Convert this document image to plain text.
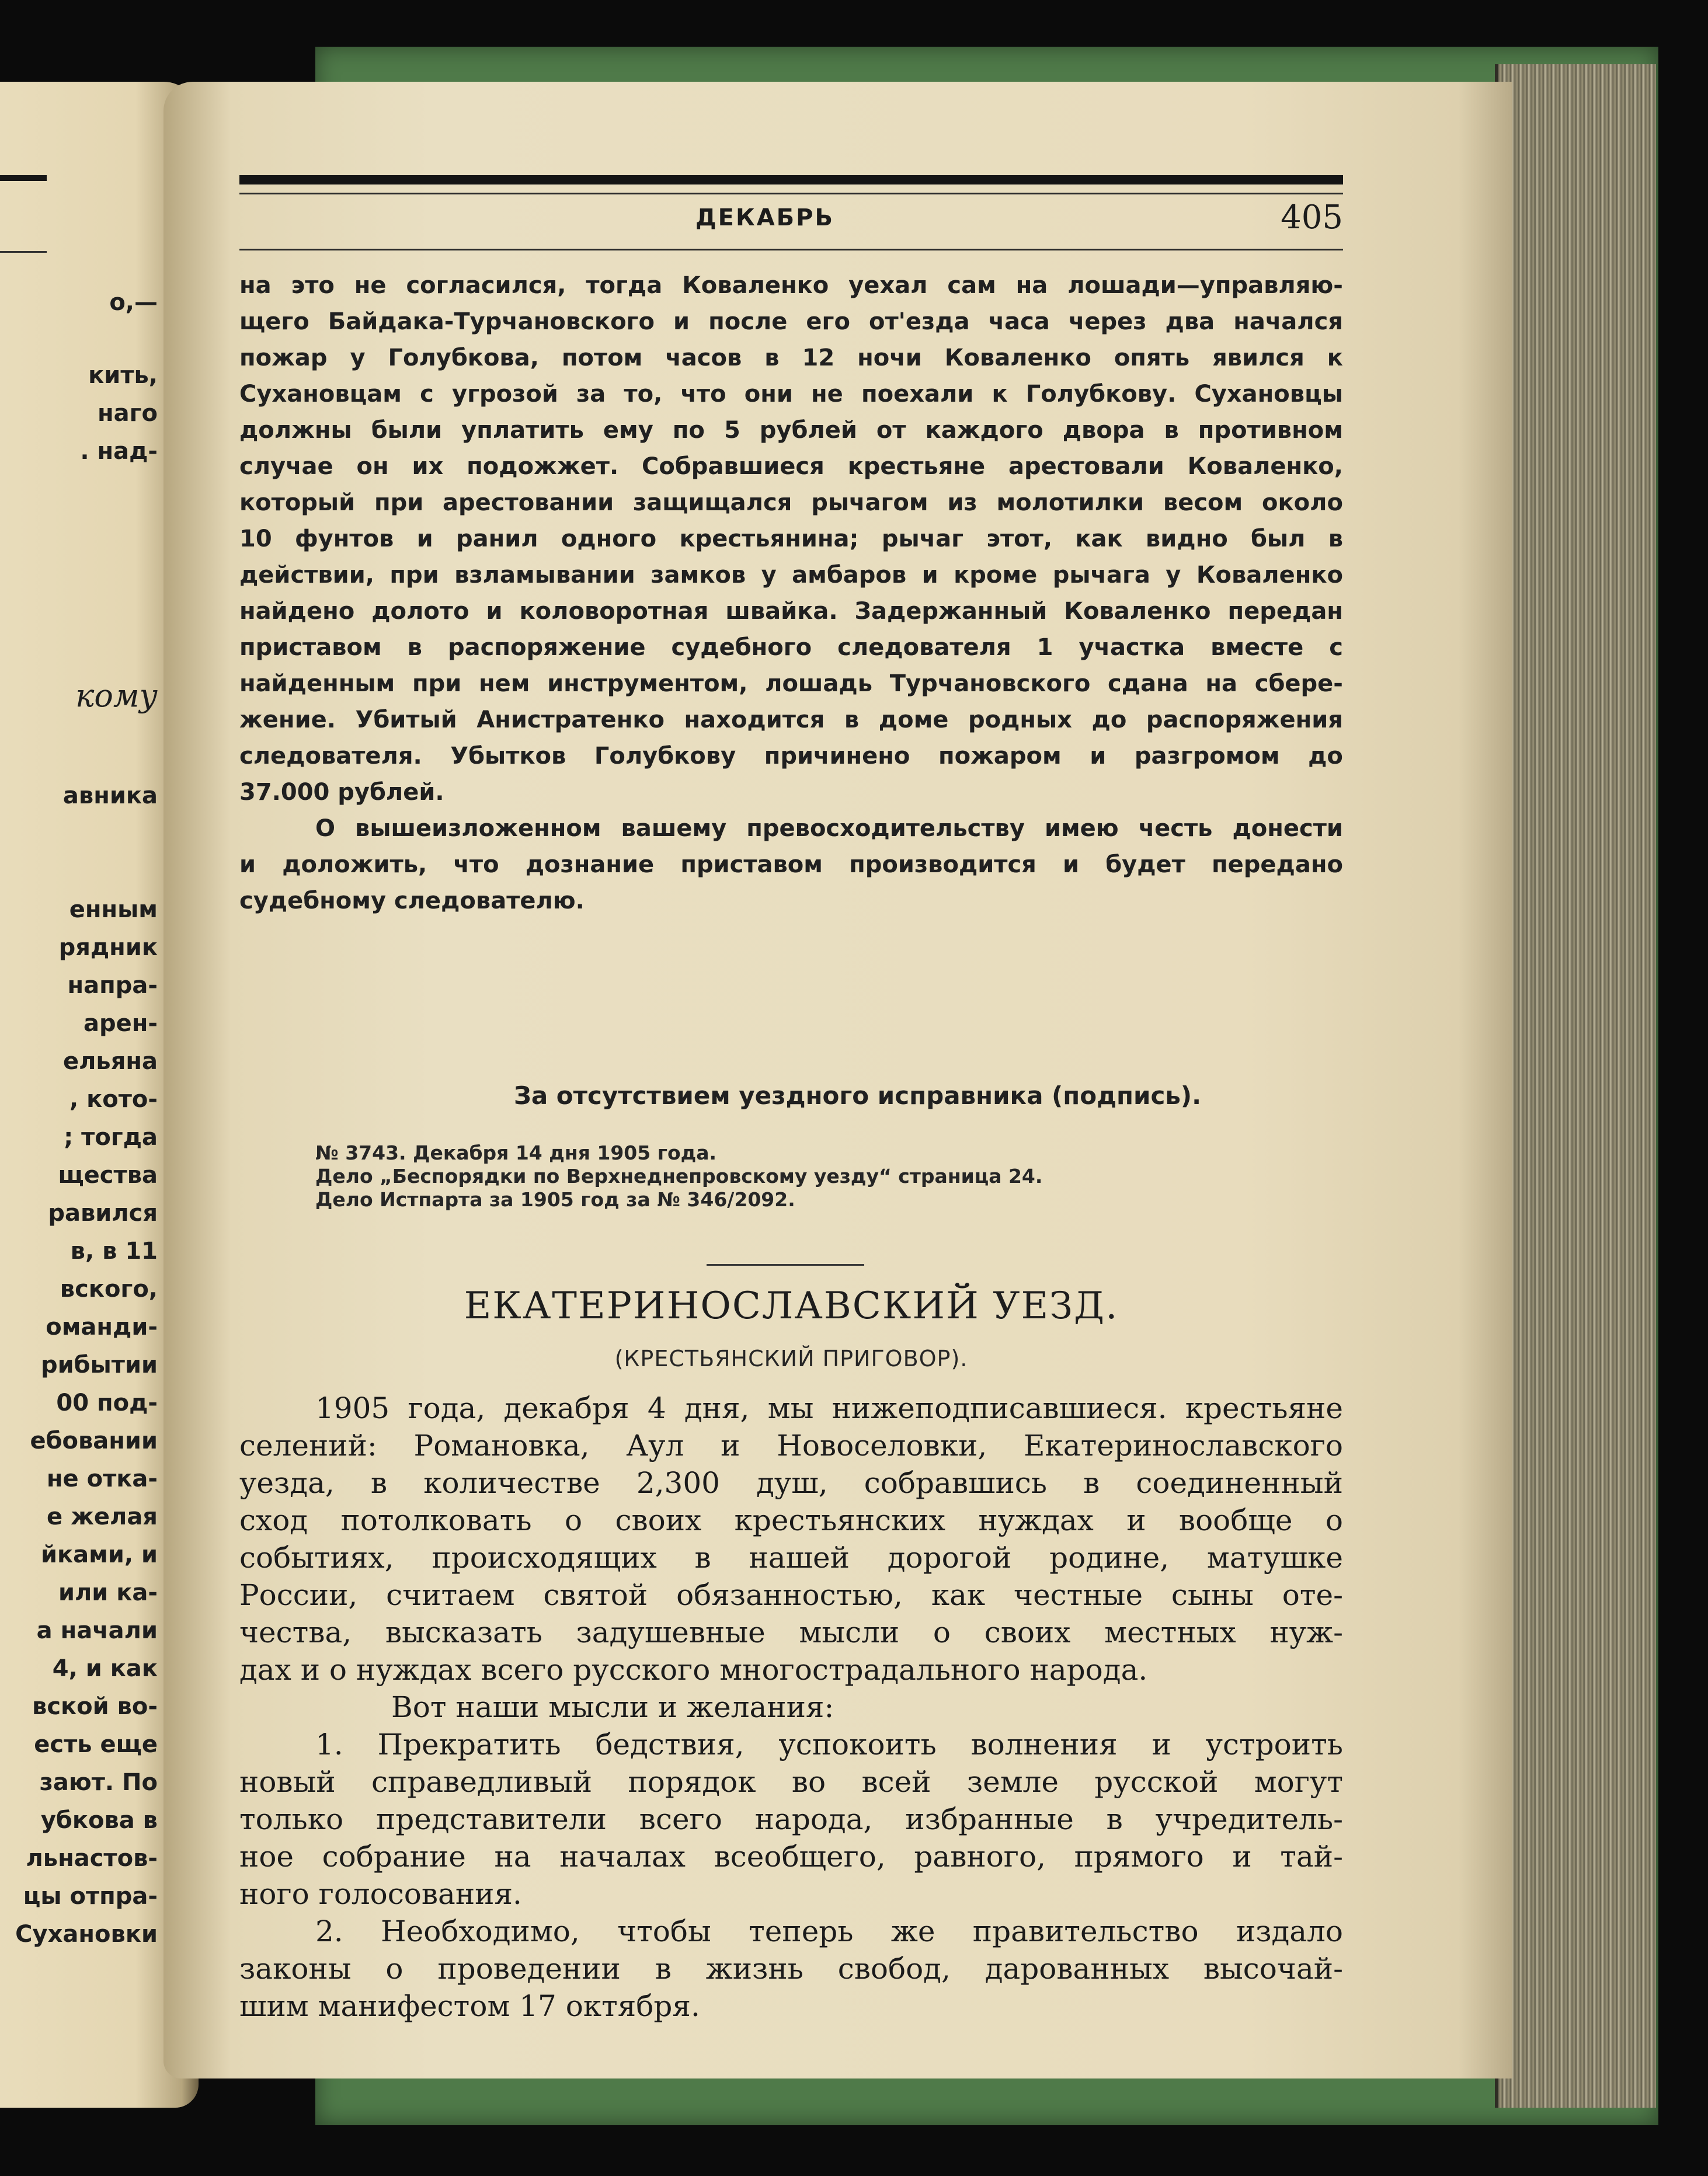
о,—
кить,
наго
. над-
кому
авника
енным
рядник
напра-
арен-
ельяна
, кото-
; тогда
щества
равился
в, в 11
вского,
оманди-
рибытии
00 под-
ебовании
не отка-
е желая
йками, и
или ка-
а начали
4, и как
вской во-
есть еще
зают. По
убкова в
льнастов-
цы отпра-
Сухановки
ДЕКАБРЬ	405
на это не согласился, тогда Коваленко уехал сам на лошади—управляю-
щего Байдака-Турчановского и после его от'езда часа через два начался
пожар у Голубкова, потом часов в 12 ночи Коваленко опять явился к
Сухановцам с угрозой за то, что они не поехали к Голубкову. Сухановцы
должны были уплатить ему по 5 рублей от каждого двора в противном
случае он их подожжет. Собравшиеся крестьяне арестовали Коваленко,
который при арестовании защищался рычагом из молотилки весом около
10 фунтов и ранил одного крестьянина; рычаг этот, как видно был в
действии, при взламывании замков у амбаров и кроме рычага у Коваленко
найдено долото и коловоротная швайка. Задержанный Коваленко передан
приставом в распоряжение судебного следователя 1 участка вместе с
найденным при нем инструментом, лошадь Турчановского сдана на сбере-
жение. Убитый Анистратенко находится в доме родных до распоряжения
следователя. Убытков Голубкову причинено пожаром и разгромом до
37.000 рублей.
О вышеизложенном вашему превосходительству имею честь донести
и доложить, что дознание приставом производится и будет передано
судебному следователю.
За отсутствием уездного исправника (подпись).
№ 3743. Декабря 14 дня 1905 года.
Дело „Беспорядки по Верхнеднепровскому уезду“ страница 24.
Дело Истпарта за 1905 год за № 346/2092.
ЕКАТЕРИНОСЛАВСКИЙ УЕЗД.
(КРЕСТЬЯНСКИЙ ПРИГОВОР).
1905 года, декабря 4 дня, мы нижеподписавшиеся. крестьяне
селений: Романовка, Аул и Новоселовки, Екатеринославского
уезда, в количестве 2,300 душ, собравшись в соединенный
сход потолковать о своих крестьянских нуждах и вообще о
событиях, происходящих в нашей дорогой родине, матушке
России, считаем святой обязанностью, как честные сыны оте-
чества, высказать задушевные мысли о своих местных нуж-
дах и о нуждах всего русского многострадального народа.
Вот наши мысли и желания:
1. Прекратить бедствия, успокоить волнения и устроить
новый справедливый порядок во всей земле русской могут
только представители всего народа, избранные в учредитель-
ное собрание на началах всеобщего, равного, прямого и тай-
ного голосования.
2. Необходимо, чтобы теперь же правительство издало
законы о проведении в жизнь свобод, дарованных высочай-
шим манифестом 17 октября.
